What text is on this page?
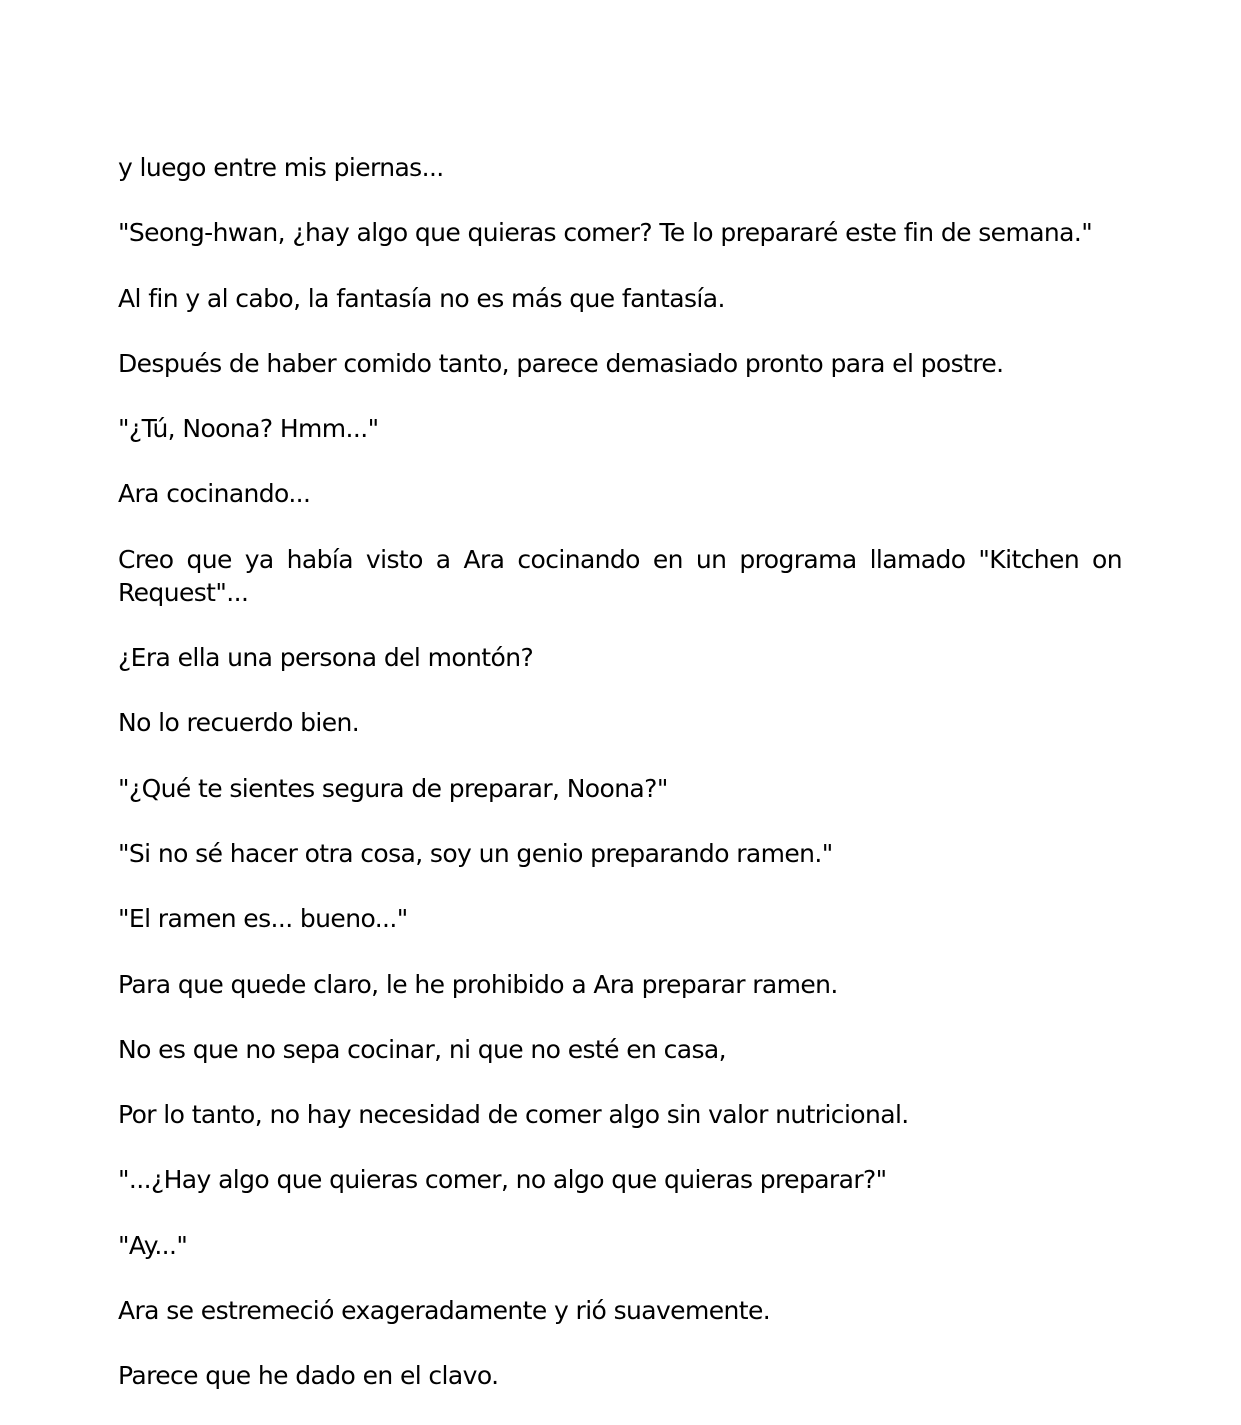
y luego entre mis piernas...

"Seong-hwan, ¿hay algo que quieras comer? Te lo prepararé este fin de semana."

Al fin y al cabo, la fantasía no es más que fantasía.

Después de haber comido tanto, parece demasiado pronto para el postre.

"¿Tú, Noona? Hmm..."

Ara cocinando...

Creo que ya había visto a Ara cocinando en un programa llamado "Kitchen on Request"...

¿Era ella una persona del montón?

No lo recuerdo bien.

"¿Qué te sientes segura de preparar, Noona?"

"Si no sé hacer otra cosa, soy un genio preparando ramen."

"El ramen es... bueno..."

Para que quede claro, le he prohibido a Ara preparar ramen.

No es que no sepa cocinar, ni que no esté en casa,

Por lo tanto, no hay necesidad de comer algo sin valor nutricional.

"...¿Hay algo que quieras comer, no algo que quieras preparar?"

"Ay..."

Ara se estremeció exageradamente y rió suavemente.

Parece que he dado en el clavo.
